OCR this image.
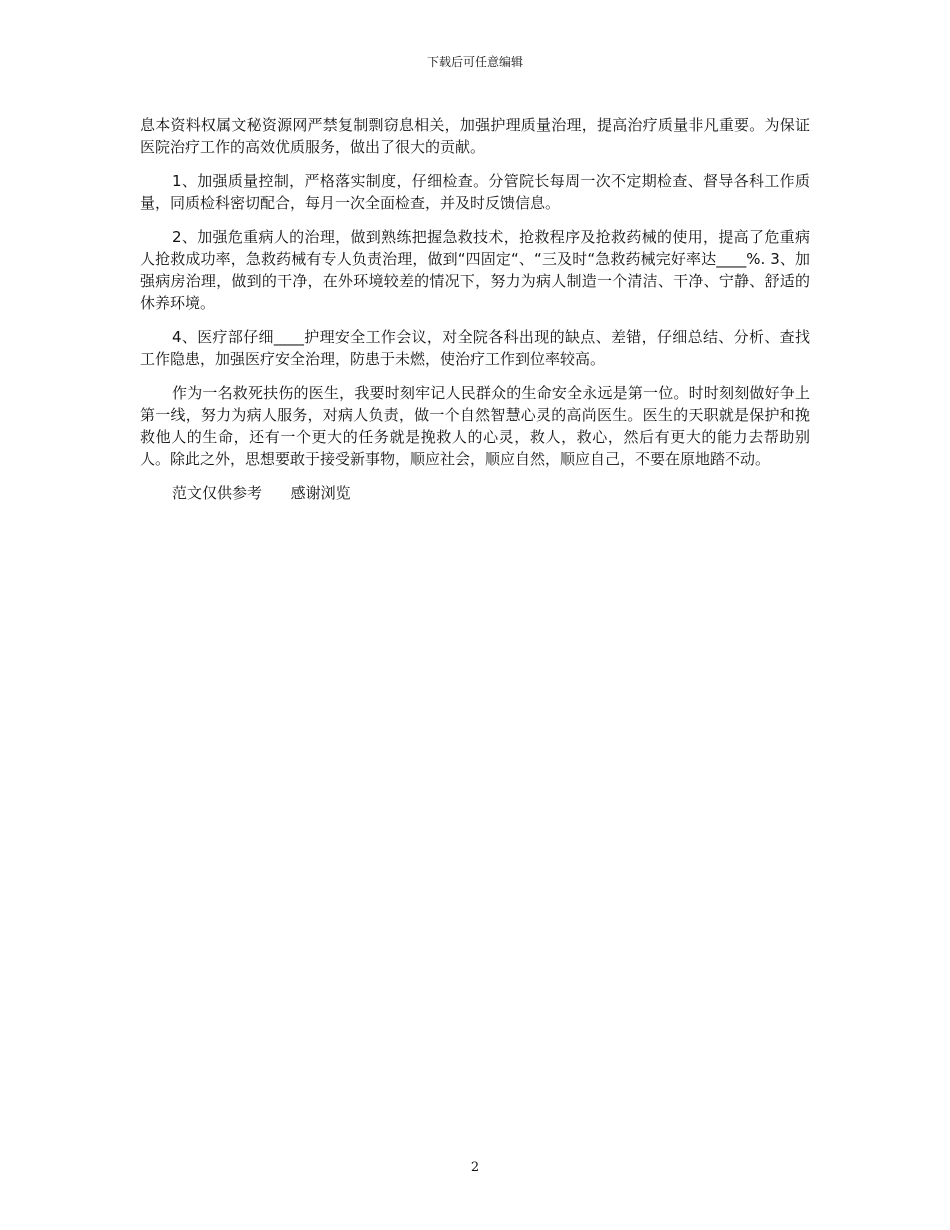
下载后可任意编辑

息本资料权属文秘资源网严禁复制剽窃息相关，加强护理质量治理，提高治疗质量非凡重要。为保证医院治疗工作的高效优质服务，做出了很大的贡献。

1、加强质量控制，严格落实制度，仔细检查。分管院长每周一次不定期检查、督导各科工作质量，同质检科密切配合，每月一次全面检查，并及时反馈信息。

2、加强危重病人的治理，做到熟练把握急救技术，抢救程序及抢救药械的使用，提高了危重病人抢救成功率，急救药械有专人负责治理，做到“四固定“、“三及时“急救药械完好率达____%. 3、加强病房治理，做到的干净，在外环境较差的情况下，努力为病人制造一个清洁、干净、宁静、舒适的休养环境。

4、医疗部仔细____护理安全工作会议，对全院各科出现的缺点、差错，仔细总结、分析、查找工作隐患，加强医疗安全治理，防患于未燃，使治疗工作到位率较高。

作为一名救死扶伤的医生，我要时刻牢记人民群众的生命安全永远是第一位。时时刻刻做好争上第一线，努力为病人服务，对病人负责，做一个自然智慧心灵的高尚医生。医生的天职就是保护和挽救他人的生命，还有一个更大的任务就是挽救人的心灵，救人，救心，然后有更大的能力去帮助别人。除此之外，思想要敢于接受新事物，顺应社会，顺应自然，顺应自己，不要在原地踏不动。

范文仅供参考 感谢浏览

2
